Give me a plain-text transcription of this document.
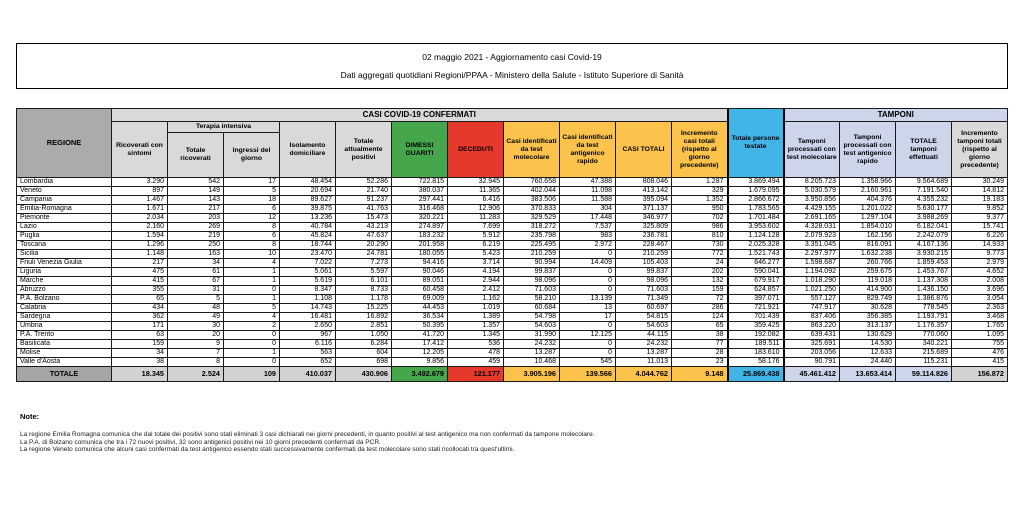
02 maggio 2021 - Aggiornamento casi Covid-19
Dati aggregati quotidiani Regioni/PPAA - Ministero della Salute - Istituto Superiore di Sanità
REGIONE	CASI COVID-19 CONFERMATI											Totale persone testate	TAMPONI			
	Ricoverati con sintomi	Terapia intensiva		Isolamento domiciliare	Totale attualmente positivi	DIMESSI GUARITI	DECEDUTI	Casi identificati da test molecolare	Casi identificati da test antigenico rapido	CASI TOTALI	Incremento casi totali (rispetto al giorno precedente)		Tamponi processati con test molecolare	Tamponi processati con test antigenico rapido	TOTALE tamponi effettuati	Incremento tamponi totali (rispetto al giorno precedente)
		Totale ricoverati	Ingressi del giorno													
Lombardia	3.290	542	17	48.454	52.286	722.815	32.945	760.658	47.388	808.046	1.287	3.869.494	8.205.723	1.358.966	9.564.689	30.249
Veneto	897	149	5	20.694	21.740	380.037	11.365	402.044	11.098	413.142	329	1.679.095	5.030.579	2.160.961	7.191.540	14.812
Campania	1.467	143	18	89.627	91.237	297.441	6.416	383.506	11.588	395.094	1.352	2.866.672	3.950.856	404.376	4.355.232	19.183
Emilia-Romagna	1.671	217	6	39.875	41.763	316.468	12.906	370.833	304	371.137	950	1.783.565	4.429.155	1.201.022	5.630.177	9.852
Piemonte	2.034	203	12	13.236	15.473	320.221	11.283	329.529	17.448	346.977	702	1.701.484	2.691.165	1.297.104	3.988.269	9.377
Lazio	2.160	269	8	40.784	43.213	274.897	7.699	318.272	7.537	325.809	986	3.953.602	4.328.031	1.854.010	6.182.041	15.741
Puglia	1.594	219	6	45.824	47.637	183.232	5.912	235.798	983	236.781	810	1.124.128	2.079.923	162.156	2.242.079	6.226
Toscana	1.296	250	8	18.744	20.290	201.958	6.219	225.495	2.972	228.467	730	2.025.328	3.351.045	816.091	4.167.136	14.933
Sicilia	1.148	163	10	23.470	24.781	180.055	5.423	210.259	0	210.259	772	1.521.743	2.297.977	1.632.238	3.930.215	9.773
Friuli Venezia Giulia	217	34	4	7.022	7.273	94.416	3.714	90.994	14.409	105.403	24	646.277	1.598.687	260.766	1.859.453	2.979
Liguria	475	61	1	5.061	5.597	90.046	4.194	99.837	0	99.837	202	590.041	1.194.092	259.675	1.453.767	4.652
Marche	415	67	1	5.619	6.101	89.051	2.944	98.096	0	98.096	132	679.917	1.018.290	119.018	1.137.308	2.008
Abruzzo	355	31	0	8.347	8.733	60.458	2.412	71.603	0	71.603	159	624.857	1.021.250	414.900	1.436.150	3.696
P.A. Bolzano	65	5	1	1.108	1.178	69.009	1.162	58.210	13.139	71.349	72	397.071	557.127	829.749	1.386.876	3.054
Calabria	434	48	5	14.743	15.225	44.453	1.019	60.684	13	60.697	286	721.921	747.917	30.628	778.545	2.363
Sardegna	362	49	4	16.481	16.892	36.534	1.389	54.798	17	54.815	124	701.439	837.406	356.385	1.193.791	3.468
Umbria	171	30	2	2.650	2.851	50.395	1.357	54.603	0	54.603	65	359.425	863.220	313.137	1.176.357	1.765
P.A. Trento	63	20	0	967	1.050	41.720	1.345	31.990	12.125	44.115	38	192.082	639.431	130.629	770.060	1.095
Basilicata	159	9	0	6.116	6.284	17.412	536	24.232	0	24.232	77	189.511	325.691	14.530	340.221	755
Molise	34	7	1	563	604	12.205	478	13.287	0	13.287	28	183.610	203.056	12.633	215.689	476
Valle d'Aosta	38	8	0	652	698	9.856	459	10.468	545	11.013	23	58.176	90.791	24.440	115.231	415
TOTALE	18.345	2.524	109	410.037	430.906	3.492.679	121.177	3.905.196	139.566	4.044.762	9.148	25.869.438	45.461.412	13.653.414	59.114.826	156.872
Note:
La regione Emilia Romagna comunica che dal totale dei positivi sono stati eliminati 3 casi dichiarati nei giorni precedenti, in quanto positivi al test antigenico ma non confermati da tampone molecolare.
La P.A. di Bolzano comunica che tra i 72 nuovi positivi, 32 sono antigenici positivi nei 10 giorni precedenti confermati da PCR.
La regione Veneto comunica che alcuni casi confermati da test antigenico essendo stati successivamente confermati da test molecolare sono stati ricollocati tra quest'ultimi.
